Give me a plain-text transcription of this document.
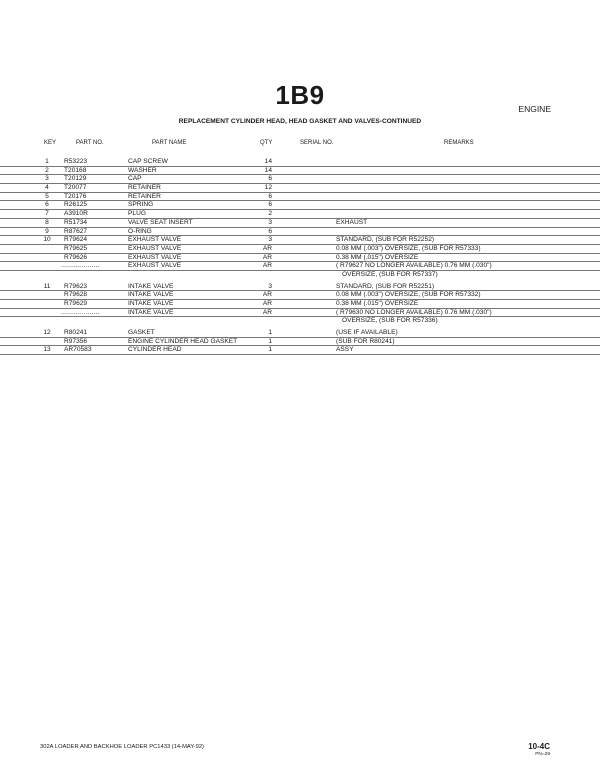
1B9	ENGINE
REPLACEMENT CYLINDER HEAD, HEAD GASKET AND VALVES-CONTINUED
KEY	PART NO.	PART NAME	QTY	SERIAL NO.	REMARKS
1	R53223	CAP SCREW	14
2	T20168	WASHER	14
3	T20129	CAP	6
4	T20077	RETAINER	12
5	T20176	RETAINER	6
6	R26125	SPRING	6
7	A3910R	PLUG	2
8	R51734	VALVE SEAT INSERT	3	EXHAUST
9	R87627	O-RING	6
10	R79624	EXHAUST VALVE	3	STANDARD, (SUB FOR R52252)
R79625	EXHAUST VALVE	AR	0.08 MM (.003") OVERSIZE, (SUB FOR R57333)
R79626	EXHAUST VALVE	AR	0.38 MM (.015") OVERSIZE
...................	EXHAUST VALVE	AR	( R79627 NO LONGER AVAILABLE) 0.76 MM (.030")
OVERSIZE, (SUB FOR R57337)
11	R79623	INTAKE VALVE	3	STANDARD, (SUB FOR R52251)
R79628	INTAKE VALVE	AR	0.08 MM (.003") OVERSIZE, (SUB FOR R57332)
R79629	INTAKE VALVE	AR	0.38 MM (.015") OVERSIZE
...................	INTAKE VALVE	AR	( R79630 NO LONGER AVAILABLE) 0.76 MM (.030")
OVERSIZE, (SUB FOR R57336)
12	R80241	GASKET	1	(USE IF AVAILABLE)
R97356	ENGINE CYLINDER HEAD GASKET	1	(SUB FOR R80241)
13	AR70583	CYLINDER HEAD	1	ASSY
302A LOADER AND BACKHOE LOADER PC1433 (14-MAY-92)	10-4C
PN=29
